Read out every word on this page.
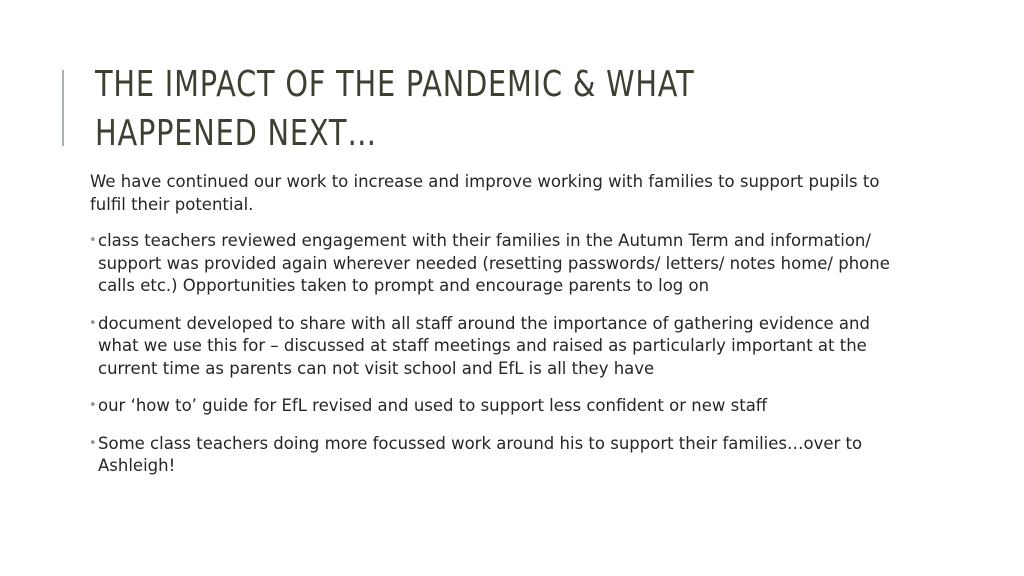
THE IMPACT OF THE PANDEMIC & WHAT
HAPPENED NEXT…

We have continued our work to increase and improve working with families to support pupils to fulfil their potential.

• class teachers reviewed engagement with their families in the Autumn Term and information/ support was provided again wherever needed (resetting passwords/ letters/ notes home/ phone calls etc.) Opportunities taken to prompt and encourage parents to log on
• document developed to share with all staff around the importance of gathering evidence and what we use this for – discussed at staff meetings and raised as particularly important at the current time as parents can not visit school and EfL is all they have
• our ‘how to’ guide for EfL revised and used to support less confident or new staff
• Some class teachers doing more focussed work around his to support their families…over to Ashleigh!
